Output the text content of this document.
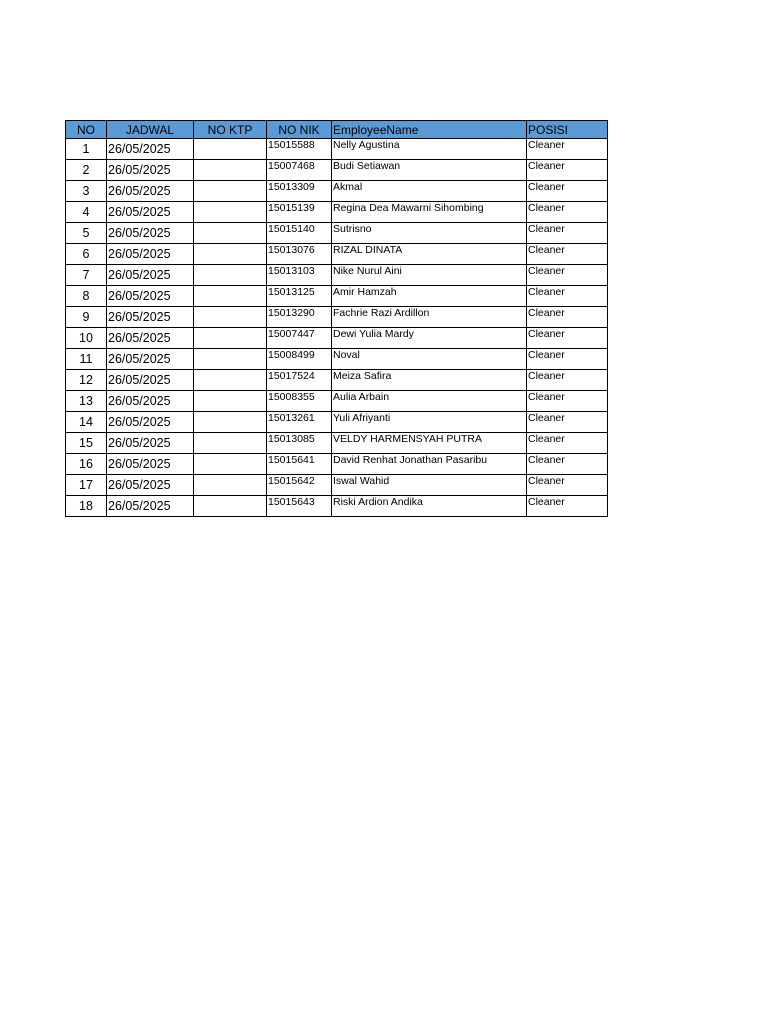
NO	JADWAL	NO KTP	NO NIK	EmployeeName	POSISI
1	26/05/2025		15015588	Nelly Agustina	Cleaner
2	26/05/2025		15007468	Budi Setiawan	Cleaner
3	26/05/2025		15013309	Akmal	Cleaner
4	26/05/2025		15015139	Regina Dea Mawarni Sihombing	Cleaner
5	26/05/2025		15015140	Sutrisno	Cleaner
6	26/05/2025		15013076	RIZAL DINATA	Cleaner
7	26/05/2025		15013103	Nike Nurul Aini	Cleaner
8	26/05/2025		15013125	Amir Hamzah	Cleaner
9	26/05/2025		15013290	Fachrie Razi Ardillon	Cleaner
10	26/05/2025		15007447	Dewi Yulia Mardy	Cleaner
11	26/05/2025		15008499	Noval	Cleaner
12	26/05/2025		15017524	Meiza Safira	Cleaner
13	26/05/2025		15008355	Aulia Arbain	Cleaner
14	26/05/2025		15013261	Yuli Afriyanti	Cleaner
15	26/05/2025		15013085	VELDY HARMENSYAH PUTRA	Cleaner
16	26/05/2025		15015641	David Renhat Jonathan Pasaribu	Cleaner
17	26/05/2025		15015642	Iswal Wahid	Cleaner
18	26/05/2025		15015643	Riski Ardion Andika	Cleaner
